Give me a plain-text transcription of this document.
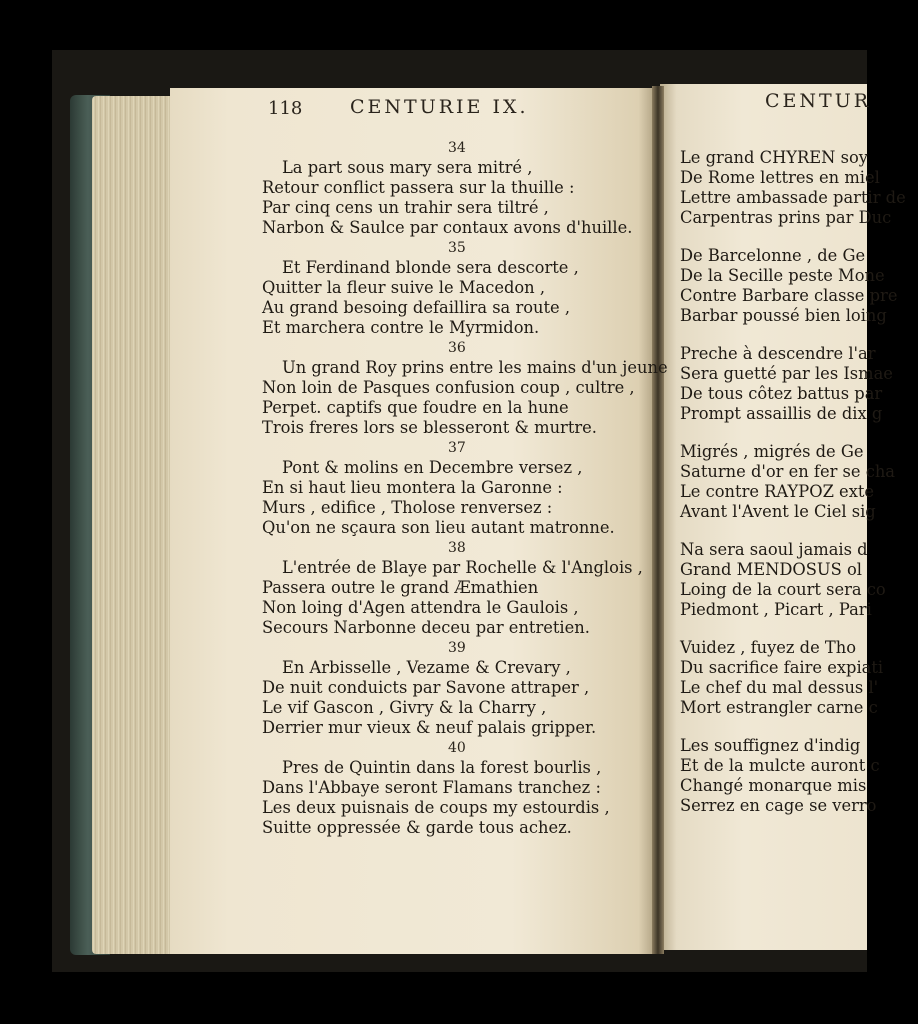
118	CENTURIE IX.
34
La part sous mary sera mitré ,
Retour conflict passera sur la thuille :
Par cinq cens un trahir sera tiltré ,
Narbon & Saulce par contaux avons d'huille.
35
Et Ferdinand blonde sera descorte ,
Quitter la fleur suive le Macedon ,
Au grand besoing defaillira sa route ,
Et marchera contre le Myrmidon.
36
Un grand Roy prins entre les mains d'un jeune
Non loin de Pasques confusion coup , cultre ,
Perpet. captifs que foudre en la hune
Trois freres lors se blesseront & murtre.
37
Pont & molins en Decembre versez ,
En si haut lieu montera la Garonne :
Murs , edifice , Tholose renversez :
Qu'on ne sçaura son lieu autant matronne.
38
L'entrée de Blaye par Rochelle & l'Anglois ,
Passera outre le grand Æmathien
Non loing d'Agen attendra le Gaulois ,
Secours Narbonne deceu par entretien.
39
En Arbisselle , Vezame & Crevary ,
De nuit conduicts par Savone attraper ,
Le vif Gascon , Givry & la Charry ,
Derrier mur vieux & neuf palais gripper.
40
Pres de Quintin dans la forest bourlis ,
Dans l'Abbaye seront Flamans tranchez :
Les deux puisnais de coups my estourdis ,
Suitte oppressée & garde tous achez.
CENTUR
Le grand CHYREN soy
De Rome lettres en miel
Lettre ambassade partir de
Carpentras prins par Duc
De Barcelonne , de Ge
De la Secille peste Mone
Contre Barbare classe pre
Barbar poussé bien loing
Preche à descendre l'ar
Sera guetté par les Ismae
De tous côtez battus par
Prompt assaillis de dix g
Migrés , migrés de Ge
Saturne d'or en fer se cha
Le contre RAYPOZ exte
Avant l'Avent le Ciel sig
Na sera saoul jamais d
Grand MENDOSUS ol
Loing de la court sera co
Piedmont , Picart , Pari
Vuidez , fuyez de Tho
Du sacrifice faire expiati
Le chef du mal dessus l'
Mort estrangler carne c
Les souffignez d'indig
Et de la mulcte auront c
Changé monarque mis
Serrez en cage se verro
